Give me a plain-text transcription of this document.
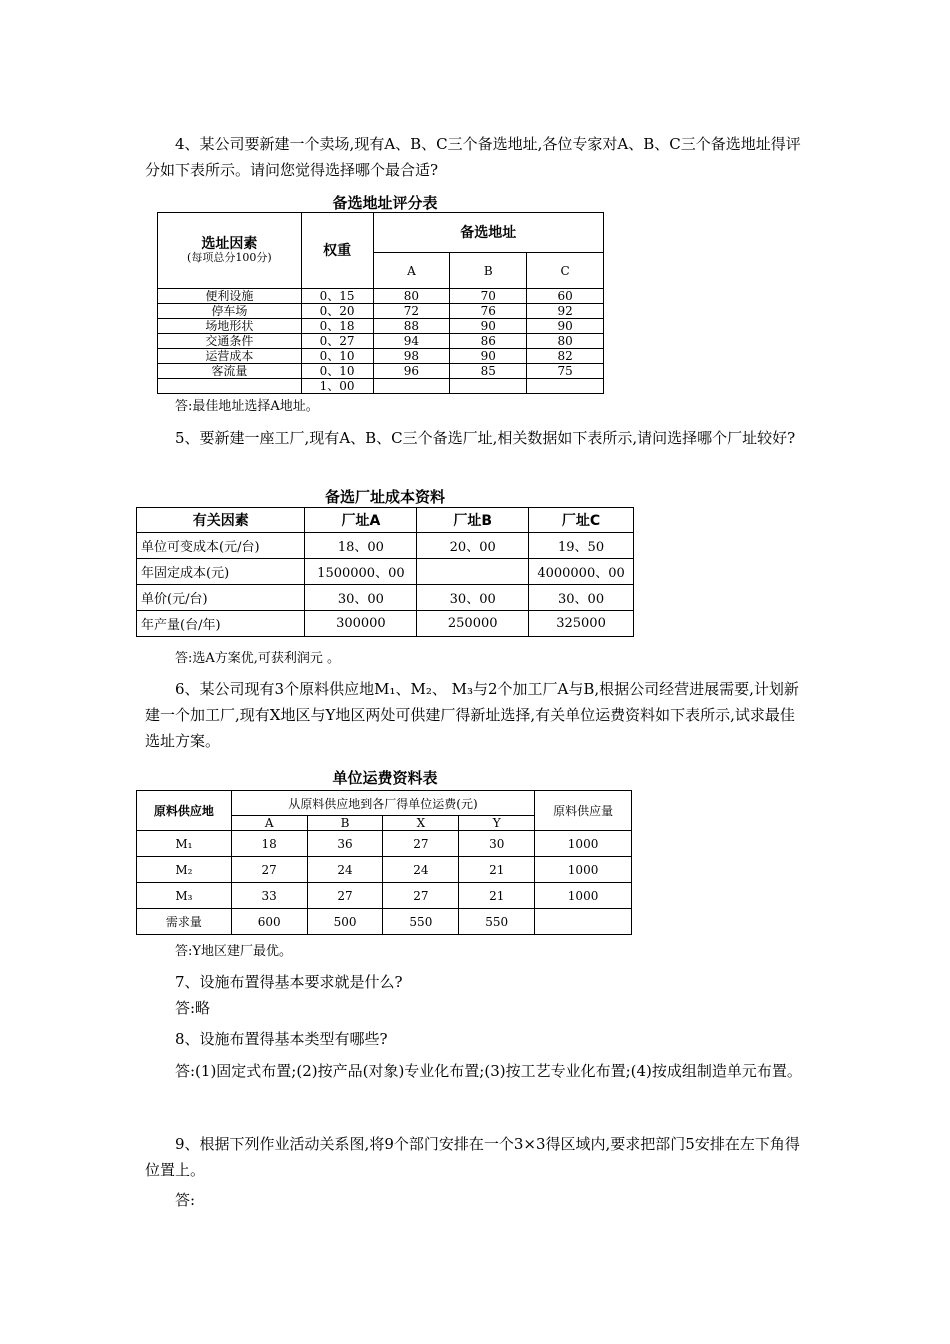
4、某公司要新建一个卖场,现有A、B、C三个备选地址,各位专家对A、B、C三个备选地址得评分如下表所示。请问您觉得选择哪个最合适?

备选地址评分表
选址因素
(每项总分100分)	权重	备选地址		
		A	B	C
便利设施	0、15	80	70	60
停车场	0、20	72	76	92
场地形状	0、18	88	90	90
交通条件	0、27	94	86	80
运营成本	0、10	98	90	82
客流量	0、10	96	85	75
	1、00			

答:最佳地址选择A地址。

5、要新建一座工厂,现有A、B、C三个备选厂址,相关数据如下表所示,请问选择哪个厂址较好?

备选厂址成本资料
有关因素	厂址A	厂址B	厂址C
单位可变成本(元/台)	18、00	20、00	19、50
年固定成本(元)	1500000、00		4000000、00
单价(元/台)	30、00	30、00	30、00
年产量(台/年)	300000	250000	325000

答:选A方案优,可获利润元 。

6、某公司现有3个原料供应地M₁、M₂、 M₃与2个加工厂A与B,根据公司经营进展需要,计划新建一个加工厂,现有X地区与Y地区两处可供建厂得新址选择,有关单位运费资料如下表所示,试求最佳选址方案。

单位运费资料表
原料供应地	从原料供应地到各厂得单位运费(元)				原料供应量
	A	B	X	Y	
M₁	18	36	27	30	1000
M₂	27	24	24	21	1000
M₃	33	27	27	21	1000
需求量	600	500	550	550	

答:Y地区建厂最优。

7、设施布置得基本要求就是什么?

答:略

8、设施布置得基本类型有哪些?

答:(1)固定式布置;(2)按产品(对象)专业化布置;(3)按工艺专业化布置;(4)按成组制造单元布置。

9、根据下列作业活动关系图,将9个部门安排在一个3×3得区域内,要求把部门5安排在左下角得位置上。

答:
